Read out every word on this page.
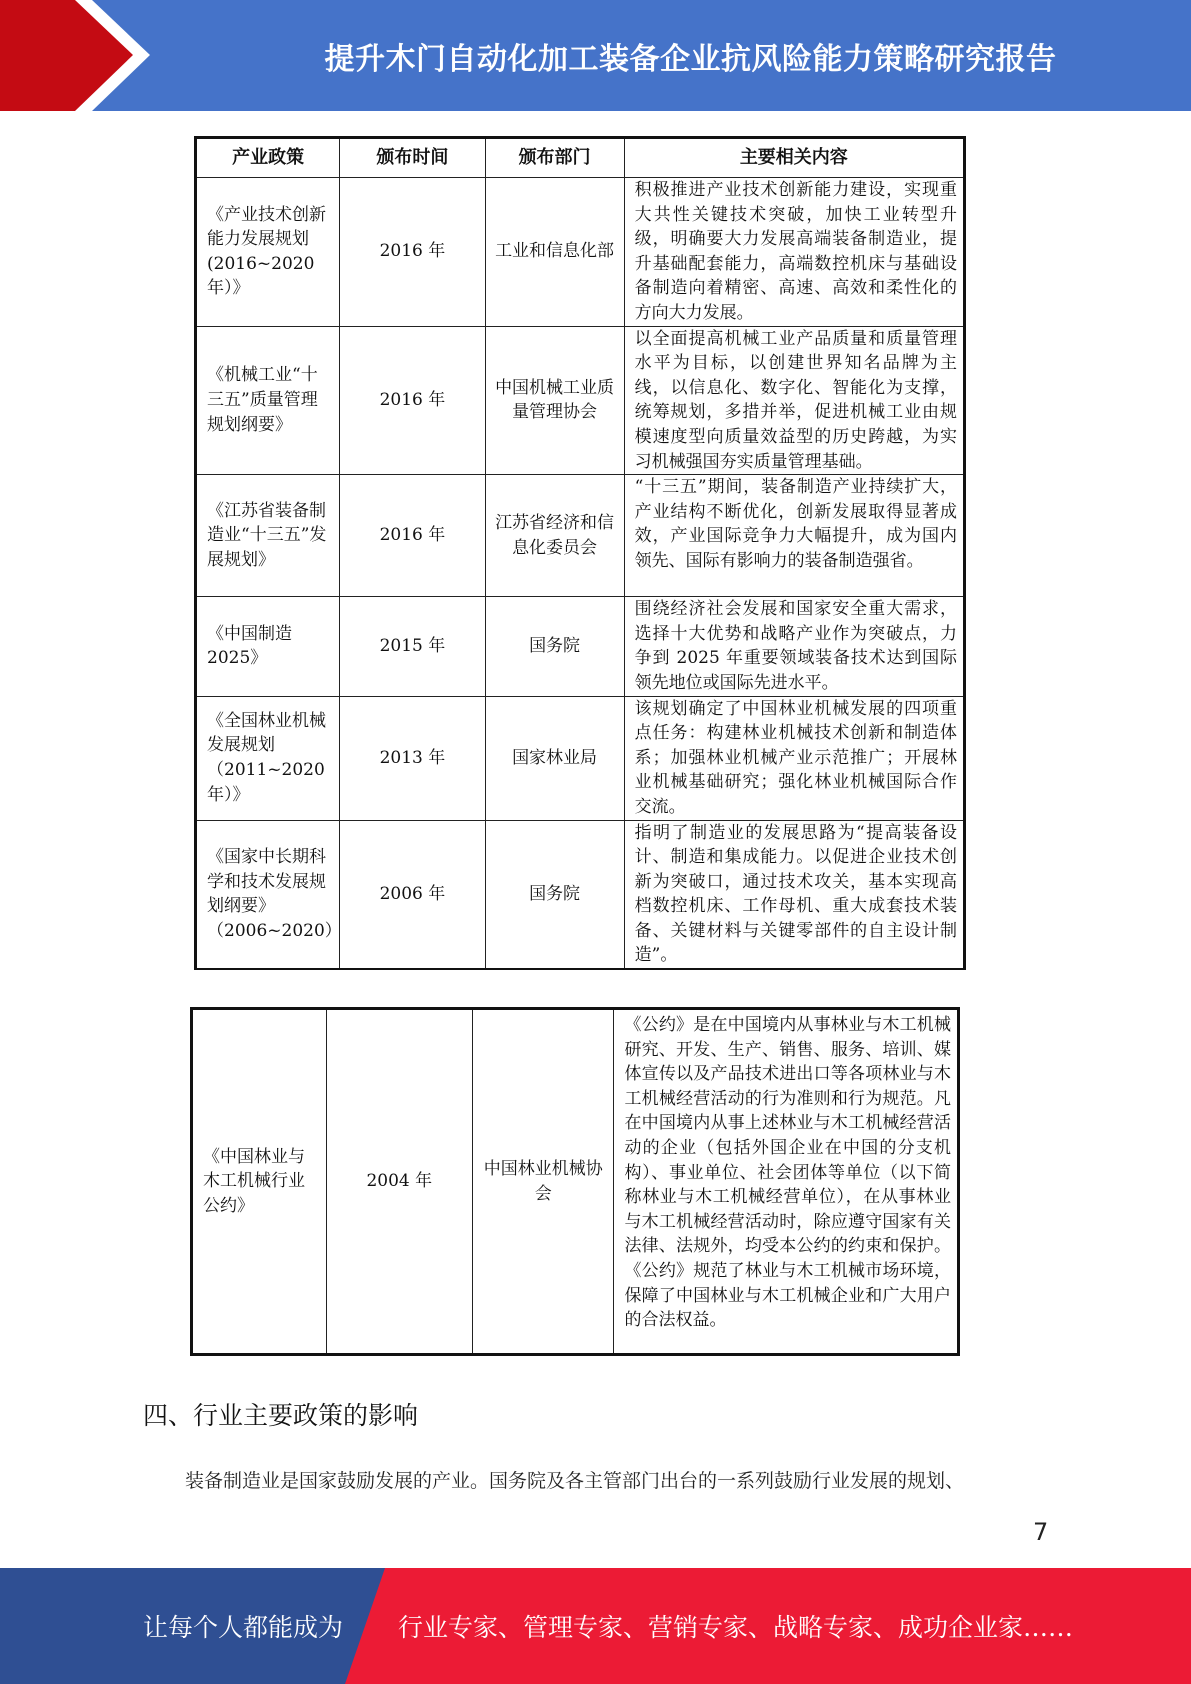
提升木门自动化加工装备企业抗风险能力策略研究报告
产业政策	颁布时间	颁布部门	主要相关内容
《产业技术创新能力发展规划(2016~2020年）》	2016 年	工业和信息化部	积极推进产业技术创新能力建设，实现重大共性关键技术突破，加快工业转型升级，明确要大力发展高端装备制造业，提升基础配套能力，高端数控机床与基础设备制造向着精密、高速、高效和柔性化的方向大力发展。
《机械工业“十三五”质量管理规划纲要》	2016 年	中国机械工业质量管理协会	以全面提高机械工业产品质量和质量管理水平为目标，以创建世界知名品牌为主线，以信息化、数字化、智能化为支撑，统筹规划，多措并举，促进机械工业由规模速度型向质量效益型的历史跨越，为实习机械强国夯实质量管理基础。
《江苏省装备制造业“十三五”发展规划》	2016 年	江苏省经济和信息化委员会	“十三五”期间，装备制造产业持续扩大，产业结构不断优化，创新发展取得显著成效，产业国际竞争力大幅提升，成为国内领先、国际有影响力的装备制造强省。
《中国制造2025》	2015 年	国务院	围绕经济社会发展和国家安全重大需求，选择十大优势和战略产业作为突破点，力争到 2025 年重要领域装备技术达到国际领先地位或国际先进水平。
《全国林业机械发展规划（2011~2020年）》	2013 年	国家林业局	该规划确定了中国林业机械发展的四项重点任务：构建林业机械技术创新和制造体系；加强林业机械产业示范推广；开展林业机械基础研究；强化林业机械国际合作交流。
《国家中长期科学和技术发展规划纲要》（2006~2020）	2006 年	国务院	指明了制造业的发展思路为“提高装备设计、制造和集成能力。以促进企业技术创新为突破口，通过技术攻关，基本实现高档数控机床、工作母机、重大成套技术装备、关键材料与关键零部件的自主设计制造”。
《中国林业与木工机械行业公约》	2004 年	中国林业机械协会	《公约》是在中国境内从事林业与木工机械研究、开发、生产、销售、服务、培训、媒体宣传以及产品技术进出口等各项林业与木工机械经营活动的行为准则和行为规范。凡在中国境内从事上述林业与木工机械经营活动的企业（包括外国企业在中国的分支机构）、事业单位、社会团体等单位（以下简称林业与木工机械经营单位），在从事林业与木工机械经营活动时，除应遵守国家有关法律、法规外，均受本公约的约束和保护。《公约》规范了林业与木工机械市场环境，保障了中国林业与木工机械企业和广大用户的合法权益。
四、行业主要政策的影响
装备制造业是国家鼓励发展的产业。国务院及各主管部门出台的一系列鼓励行业发展的规划、
7
让每个人都能成为 行业专家、管理专家、营销专家、战略专家、成功企业家……
